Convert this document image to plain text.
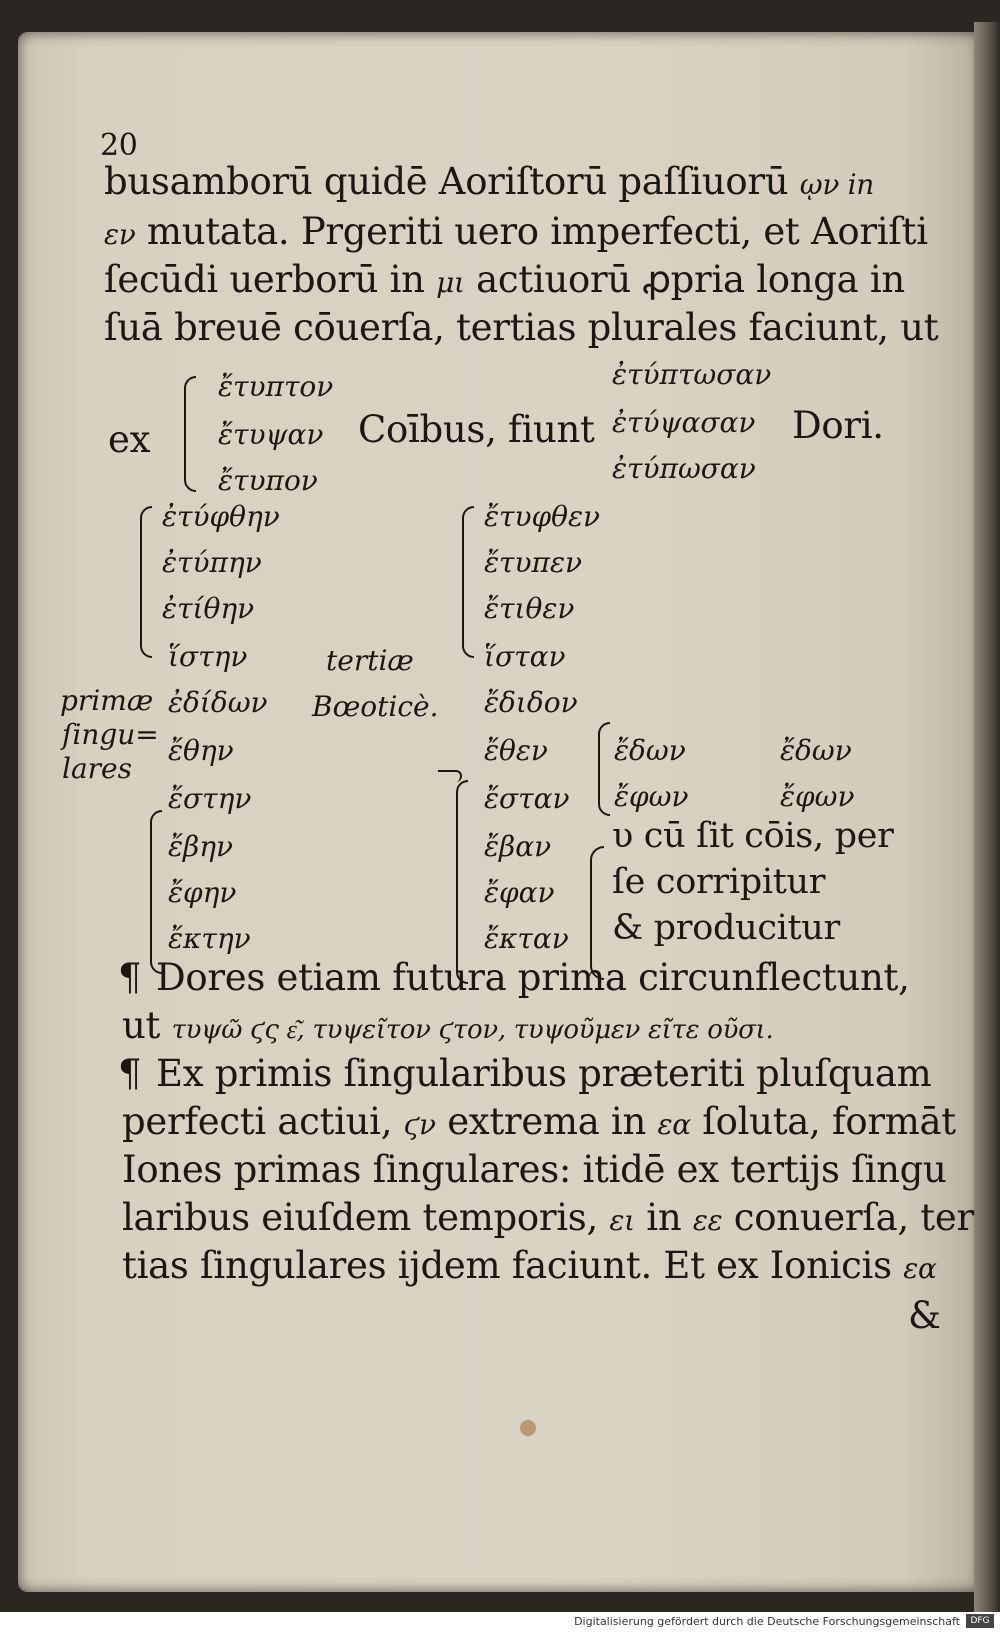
20
busamborū quidē Aoriſtorū paſſiuorū ῳν in
εν mutata. Prgeriti uero imperfecti, et Aoriſti
ſecūdi uerborū in μι actiuorū ꝓpria longa in
ſuā breuē cōuerſa, tertias plurales faciunt, ut
ἔτυπτον
ἔτυψαν
ἔτυπον
ex	Coībus, fiunt
ἐτύπτωσαν
ἐτύψασαν
ἐτύπωσαν
Dori.
ἐτύφθην
ἐτύπην
ἐτίθην
ἵστην
ἐδίδων
ἔθην
ἔστην
ἔβην
ἔφην
ἔκτην
primæ
ſingu=
lares
tertiæ
Bœoticè.
ἔτυφθεν
ἔτυπεν
ἔτιθεν
ἵσταν
ἔδιδον
ἔθεν
ἔσταν
ἔβαν
ἔφαν
ἔκταν
ἔδων
ἔφων
ἔδων
ἔφων
υ cū ſit cōis, per
ſe corripitur
& producitur
¶ Dores etiam futura prima circunflectunt,
ut τυψῶ ϛς ε͂, τυψεῖτον ϛτον, τυψοῦμεν εῖτε οῦσι.
¶ Ex primis ſingularibus præteriti pluſquam
perfecti actiui, ϛν extrema in εα ſoluta, formāt
Iones primas ſingulares: itidē ex tertijs ſingu
laribus eiuſdem temporis, ει in εε conuerſa, ter
tias ſingulares ijdem faciunt. Et ex Ionicis εα
&
Digitalisierung gefördert durch die Deutsche Forschungsgemeinschaft	DFG
